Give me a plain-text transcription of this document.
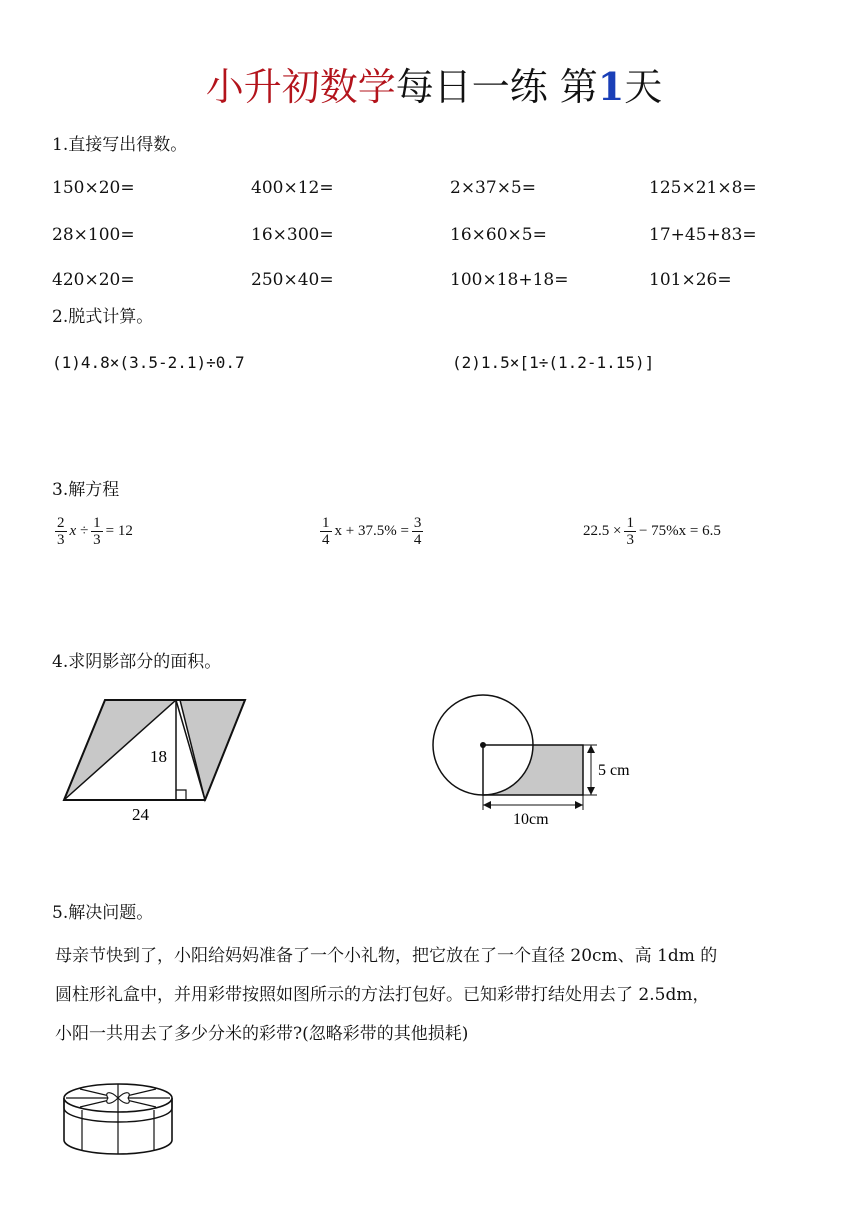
小升初数学每日一练 第1天
1.直接写出得数。
150×20=	400×12=	2×37×5=	125×21×8=
28×100=	16×300=	16×60×5=	17+45+83=
420×20=	250×40=	100×18+18=	101×26=
2.脱式计算。
(1)4.8×(3.5-2.1)÷0.7	(2)1.5×[1÷(1.2-1.15)]
3.解方程
$\frac{2}{3}$ $x \div \frac{1}{3} = 12$	$\frac{1}{4}$ $x + 37.5\% = \frac{3}{4}$	$22.5 \times \frac{1}{3} - 75\%x = 6.5$
4.求阴影部分的面积。
18
24
5 cm
10cm
5.解决问题。
母亲节快到了，小阳给妈妈准备了一个小礼物，把它放在了一个直径 20cm、高 1dm 的
圆柱形礼盒中，并用彩带按照如图所示的方法打包好。已知彩带打结处用去了 2.5dm，
小阳一共用去了多少分米的彩带?(忽略彩带的其他损耗)
